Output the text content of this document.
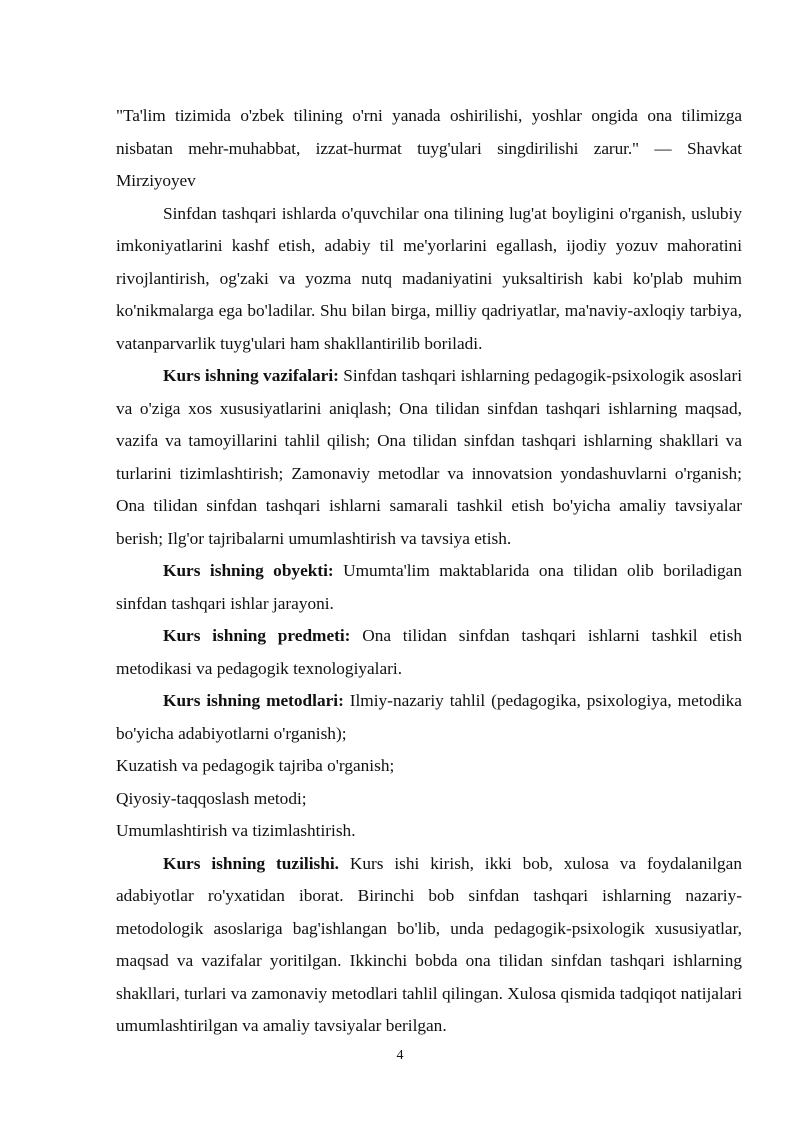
"Ta'lim tizimida o'zbek tilining o'rni yanada oshirilishi, yoshlar ongida ona tilimizga nisbatan mehr-muhabbat, izzat-hurmat tuyg'ulari singdirilishi zarur." — Shavkat Mirziyoyev

Sinfdan tashqari ishlarda o'quvchilar ona tilining lug'at boyligini o'rganish, uslubiy imkoniyatlarini kashf etish, adabiy til me'yorlarini egallash, ijodiy yozuv mahoratini rivojlantirish, og'zaki va yozma nutq madaniyatini yuksaltirish kabi ko'plab muhim ko'nikmalarga ega bo'ladilar. Shu bilan birga, milliy qadriyatlar, ma'naviy-axloqiy tarbiya, vatanparvarlik tuyg'ulari ham shakllantirilib boriladi.

Kurs ishning vazifalari: Sinfdan tashqari ishlarning pedagogik-psixologik asoslari va o'ziga xos xususiyatlarini aniqlash; Ona tilidan sinfdan tashqari ishlarning maqsad, vazifa va tamoyillarini tahlil qilish; Ona tilidan sinfdan tashqari ishlarning shakllari va turlarini tizimlashtirish; Zamonaviy metodlar va innovatsion yondashuvlarni o'rganish; Ona tilidan sinfdan tashqari ishlarni samarali tashkil etish bo'yicha amaliy tavsiyalar berish; Ilg'or tajribalarni umumlashtirish va tavsiya etish.

Kurs ishning obyekti: Umumta'lim maktablarida ona tilidan olib boriladigan sinfdan tashqari ishlar jarayoni.

Kurs ishning predmeti: Ona tilidan sinfdan tashqari ishlarni tashkil etish metodikasi va pedagogik texnologiyalari.

Kurs ishning metodlari: Ilmiy-nazariy tahlil (pedagogika, psixologiya, metodika bo'yicha adabiyotlarni o'rganish);

Kuzatish va pedagogik tajriba o'rganish;

Qiyosiy-taqqoslash metodi;

Umumlashtirish va tizimlashtirish.

Kurs ishning tuzilishi. Kurs ishi kirish, ikki bob, xulosa va foydalanilgan adabiyotlar ro'yxatidan iborat. Birinchi bob sinfdan tashqari ishlarning nazariy-metodologik asoslariga bag'ishlangan bo'lib, unda pedagogik-psixologik xususiyatlar, maqsad va vazifalar yoritilgan. Ikkinchi bobda ona tilidan sinfdan tashqari ishlarning shakllari, turlari va zamonaviy metodlari tahlil qilingan. Xulosa qismida tadqiqot natijalari umumlashtirilgan va amaliy tavsiyalar berilgan.

4
